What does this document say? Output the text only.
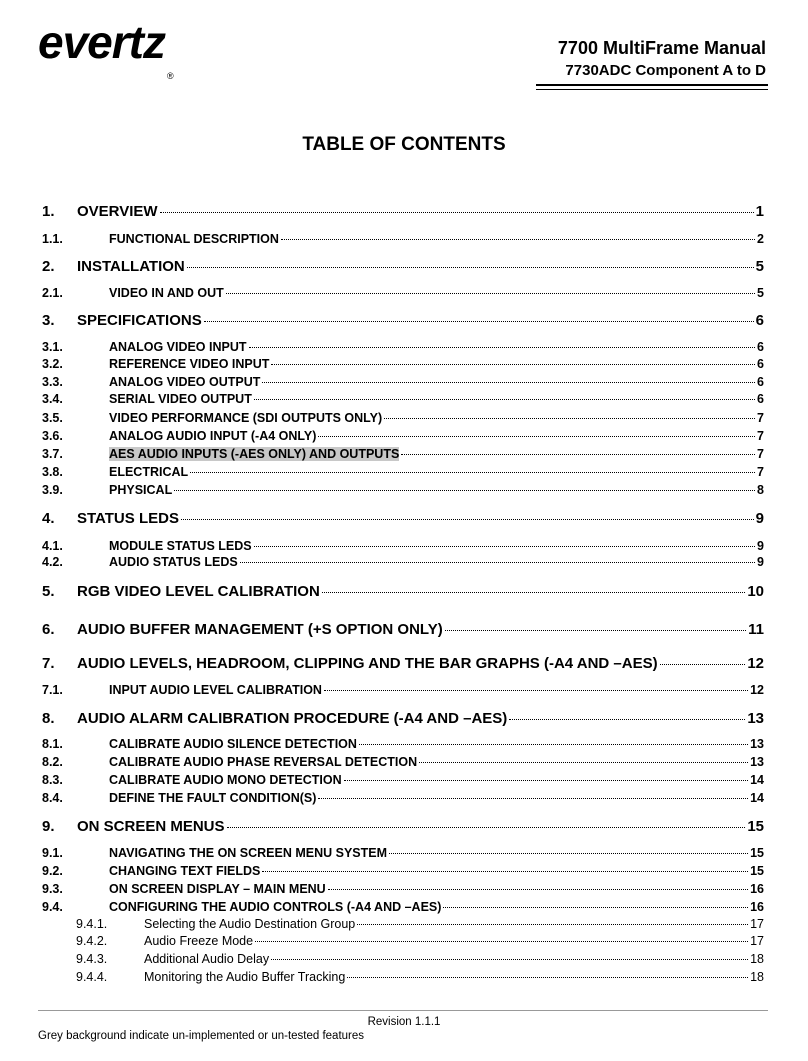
evertz®
7700 MultiFrame Manual
7730ADC Component A to D
TABLE OF CONTENTS
1.	OVERVIEW	1
1.1.	FUNCTIONAL DESCRIPTION	2
2.	INSTALLATION	5
2.1.	VIDEO IN AND OUT	5
3.	SPECIFICATIONS	6
3.1.	ANALOG VIDEO INPUT	6
3.2.	REFERENCE VIDEO INPUT	6
3.3.	ANALOG VIDEO OUTPUT	6
3.4.	SERIAL VIDEO OUTPUT	6
3.5.	VIDEO PERFORMANCE (SDI OUTPUTS ONLY)	7
3.6.	ANALOG AUDIO INPUT (-A4 ONLY)	7
3.7.	AES AUDIO INPUTS (-AES ONLY) AND OUTPUTS	7
3.8.	ELECTRICAL	7
3.9.	PHYSICAL	8
4.	STATUS LEDS	9
4.1.	MODULE STATUS LEDS	9
4.2.	AUDIO STATUS LEDS	9
5.	RGB VIDEO LEVEL CALIBRATION	10
6.	AUDIO BUFFER MANAGEMENT (+S OPTION ONLY)	11
7.	AUDIO LEVELS, HEADROOM, CLIPPING AND THE BAR GRAPHS (-A4 AND –AES)	12
7.1.	INPUT AUDIO LEVEL CALIBRATION	12
8.	AUDIO ALARM CALIBRATION PROCEDURE (-A4 AND –AES)	13
8.1.	CALIBRATE AUDIO SILENCE DETECTION	13
8.2.	CALIBRATE AUDIO PHASE REVERSAL DETECTION	13
8.3.	CALIBRATE AUDIO MONO DETECTION	14
8.4.	DEFINE THE FAULT CONDITION(S)	14
9.	ON SCREEN MENUS	15
9.1.	NAVIGATING THE ON SCREEN MENU SYSTEM	15
9.2.	CHANGING TEXT FIELDS	15
9.3.	ON SCREEN DISPLAY – MAIN MENU	16
9.4.	CONFIGURING THE AUDIO CONTROLS (-A4 AND –AES)	16
9.4.1.	Selecting the Audio Destination Group	17
9.4.2.	Audio Freeze Mode	17
9.4.3.	Additional Audio Delay	18
9.4.4.	Monitoring the Audio Buffer Tracking	18
Revision 1.1.1
Grey background indicate un-implemented or un-tested features
